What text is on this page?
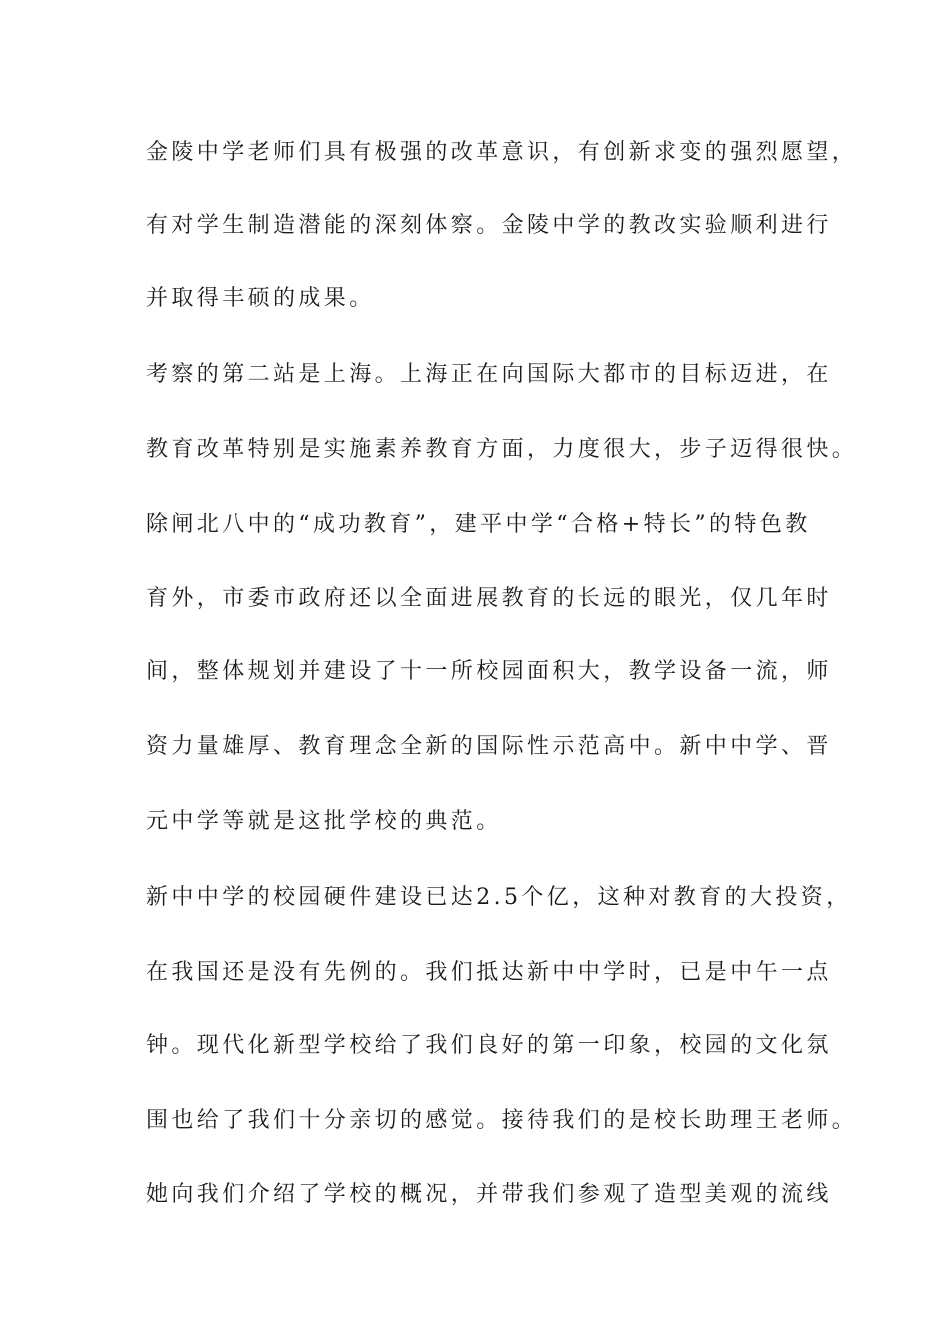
金陵中学老师们具有极强的改革意识，有创新求变的强烈愿望，
有对学生制造潜能的深刻体察。金陵中学的教改实验顺利进行
并取得丰硕的成果。
考察的第二站是上海。上海正在向国际大都市的目标迈进，在
教育改革特别是实施素养教育方面，力度很大，步子迈得很快。
除闸北八中的“成功教育”，建平中学“合格+特长”的特色教
育外，市委市政府还以全面进展教育的长远的眼光，仅几年时
间，整体规划并建设了十一所校园面积大，教学设备一流，师
资力量雄厚、教育理念全新的国际性示范高中。新中中学、晋
元中学等就是这批学校的典范。
新中中学的校园硬件建设已达2.5个亿，这种对教育的大投资，
在我国还是没有先例的。我们抵达新中中学时，已是中午一点
钟。现代化新型学校给了我们良好的第一印象，校园的文化氛
围也给了我们十分亲切的感觉。接待我们的是校长助理王老师。
她向我们介绍了学校的概况，并带我们参观了造型美观的流线
